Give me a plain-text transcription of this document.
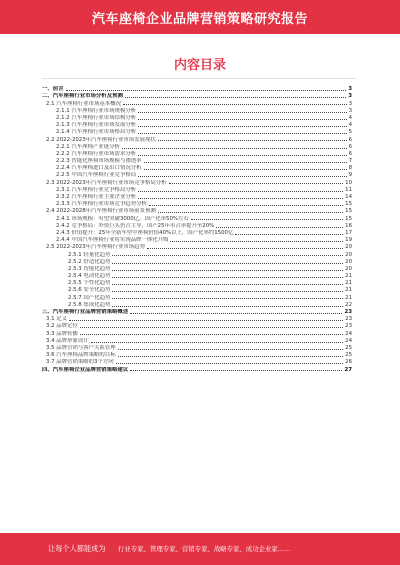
汽车座椅企业品牌营销策略研究报告
内容目录
一、前言	3
二、汽车座椅行业市场分析及预测	3
2.1 汽车座椅行业市场基本概况	3
2.1.1 汽车座椅行业市场规模分析	3
2.1.2 汽车座椅行业市场结构分析	4
2.1.3 汽车座椅行业市场发展分析	4
2.1.4 汽车座椅行业市场格局分析	5
2.2 2022-2023年汽车座椅行业市场发展现状	6
2.2.1 汽车座椅产业链分析	6
2.2.2 汽车座椅行业市场需求分析	6
2.2.3 智能化座椅市场规模与渗透率	7
2.2.4 汽车座椅进口及出口情况分析	8
2.2.5 中国汽车座椅行业竞争格局	9
2.3 2022-2023年汽车座椅行业市场竞争格局分析	10
2.3.1 汽车座椅行业竞争格局分析	11
2.3.2 汽车座椅行业主要企业分析	14
2.3.3 汽车座椅行业市场竞争趋势分析	15
2.4 2022-2028年汽车座椅行业市场前景预测	15
2.4.1 市场规模：有望突破3000亿，国产化率50%左右	15
2.4.2 竞争格局：外资巨头仍占主导，国产25年市占率提升至20%	16
2.4.3 价值提升：25年全新车型中座椅价值40%以上，国产化率约1500亿	17
2.4.4 中国汽车座椅行业将实现品牌一体化升级	19
2.5 2022-2023年汽车座椅行业市场趋势	20
2.5.1 轻量化趋势	20
2.5.2 舒适化趋势	20
2.5.3 智能化趋势	20
2.5.4 电动化趋势	21
2.5.5 个性化趋势	21
2.5.6 安全化趋势	21
2.5.7 国产化趋势	21
2.5.8 集成化趋势	22
三、汽车座椅行业品牌营销策略概述	23
3.1 定义	23
3.2 品牌定位	23
3.3 品牌传播	24
3.4 品牌形象设计	24
3.5 品牌营销与客户关系管理	25
3.6 汽车座椅品牌策略的目标	25
3.7 品牌营销策略的3个方向	26
四、汽车座椅企业品牌营销策略建议	27
让每个人都能成为 行业专家、管理专家、营销专家、战略专家、成功企业家……
